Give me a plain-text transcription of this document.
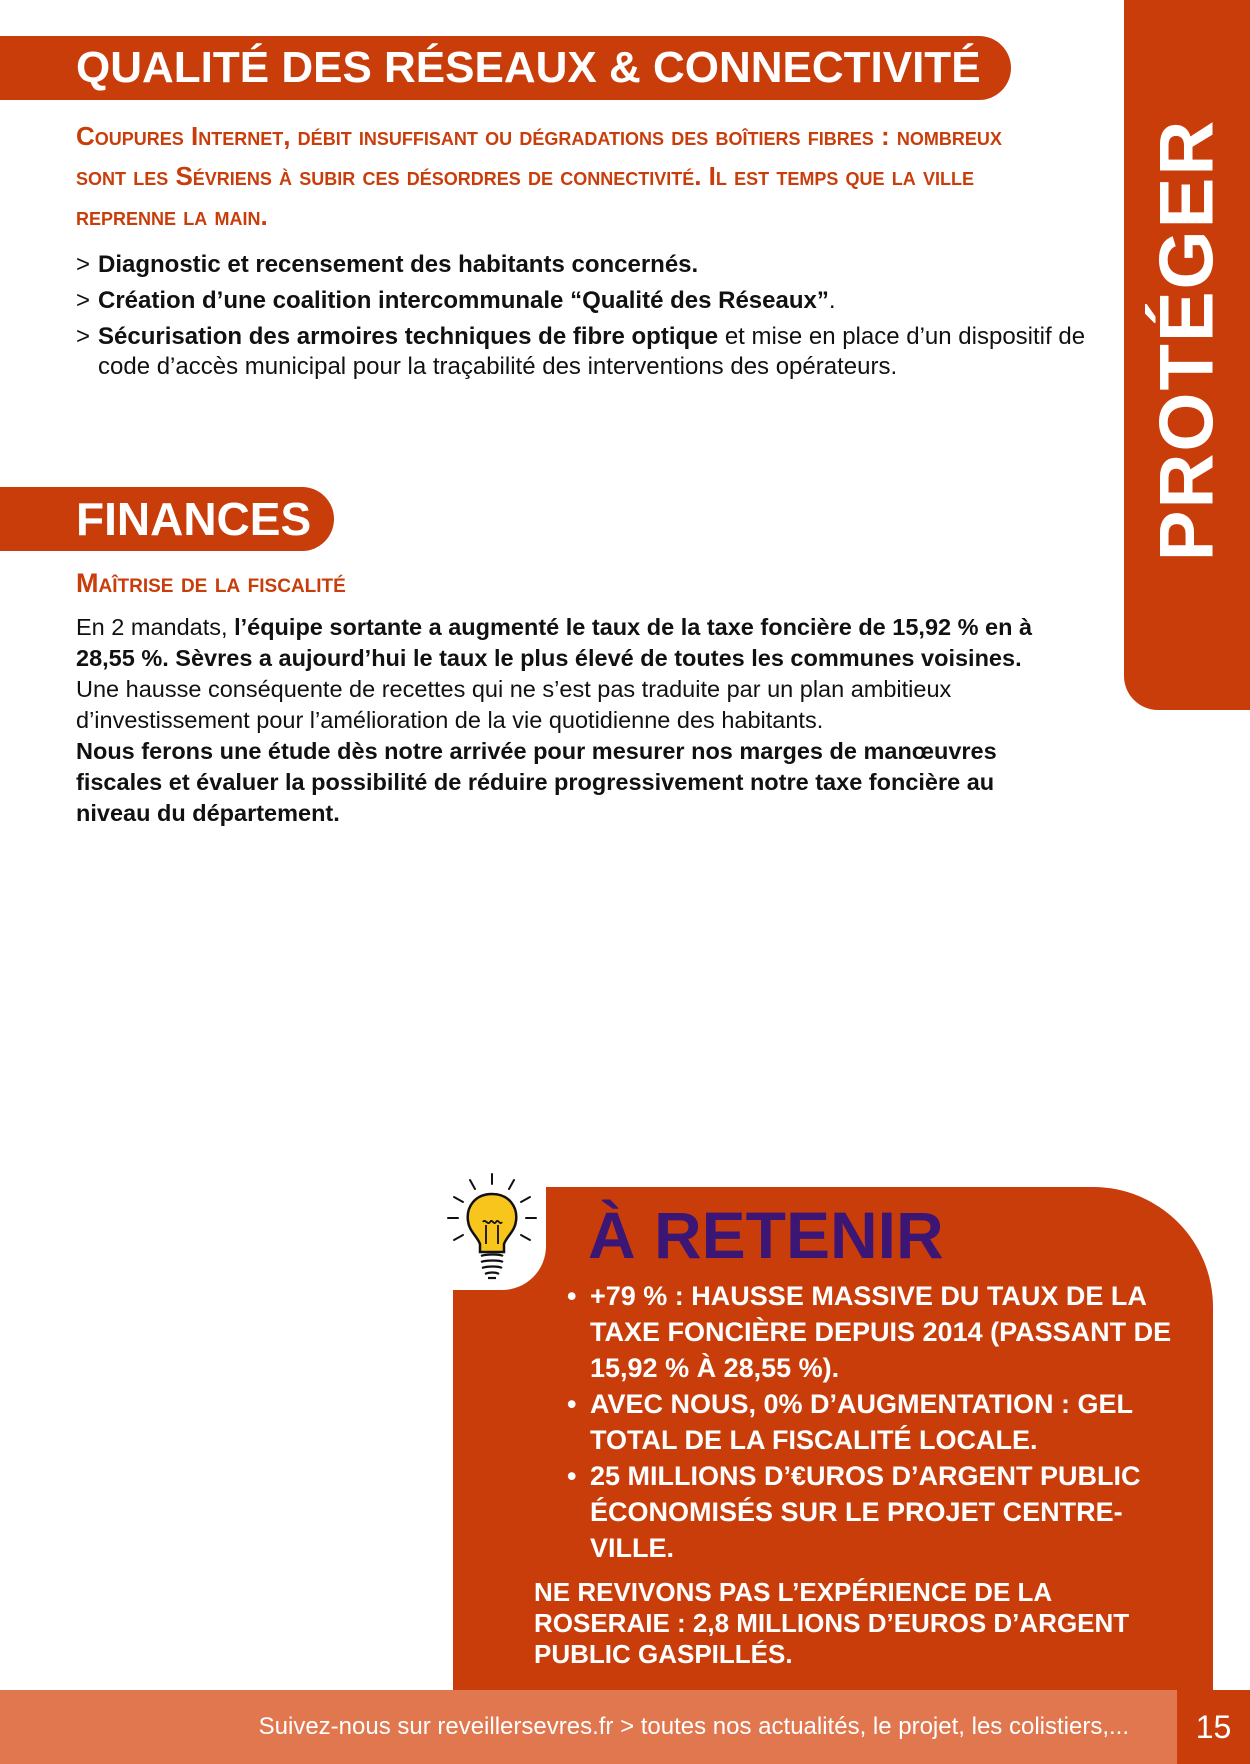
PROTÉGER
QUALITÉ DES RÉSEAUX & CONNECTIVITÉ

Coupures Internet, débit insuffisant ou dégradations des boîtiers fibres : nombreux sont les Sévriens à subir ces désordres de connectivité. Il est temps que la ville reprenne la main.

> Diagnostic et recensement des habitants concernés.
> Création d’une coalition intercommunale “Qualité des Réseaux”.
> Sécurisation des armoires techniques de fibre optique et mise en place d’un dispositif de code d’accès municipal pour la traçabilité des interventions des opérateurs.
FINANCES
Maîtrise de la fiscalité

En 2 mandats, l’équipe sortante a augmenté le taux de la taxe foncière de 15,92 % en à 28,55 %. Sèvres a aujourd’hui le taux le plus élevé de toutes les communes voisines.

Une hausse conséquente de recettes qui ne s’est pas traduite par un plan ambitieux d’investissement pour l’amélioration de la vie quotidienne des habitants.

Nous ferons une étude dès notre arrivée pour mesurer nos marges de manœuvres fiscales et évaluer la possibilité de réduire progressivement notre taxe foncière au niveau du département.

À RETENIR
• +79 % : HAUSSE MASSIVE DU TAUX DE LA TAXE FONCIÈRE DEPUIS 2014 (PASSANT DE 15,92 % À 28,55 %).
• AVEC NOUS, 0% D’AUGMENTATION : GEL TOTAL DE LA FISCALITÉ LOCALE.
• 25 MILLIONS D’€UROS D’ARGENT PUBLIC ÉCONOMISÉS SUR LE PROJET CENTRE-VILLE.

NE REVIVONS PAS L’EXPÉRIENCE DE LA ROSERAIE : 2,8 MILLIONS D’EUROS D’ARGENT PUBLIC GASPILLÉS.

Suivez-nous sur reveillersevres.fr > toutes nos actualités, le projet, les colistiers,...	15
